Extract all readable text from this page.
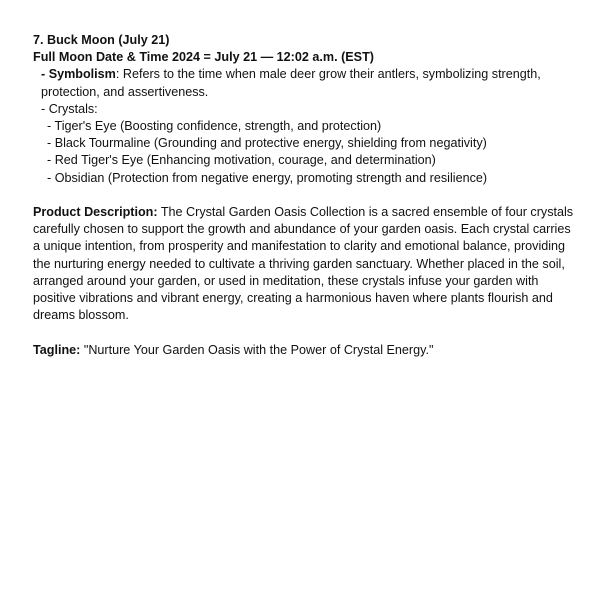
7. Buck Moon (July 21)
Full Moon Date & Time 2024 = July 21 — 12:02 a.m. (EST)
- Symbolism: Refers to the time when male deer grow their antlers, symbolizing strength, protection, and assertiveness.
- Crystals:
- Tiger's Eye (Boosting confidence, strength, and protection)
- Black Tourmaline (Grounding and protective energy, shielding from negativity)
- Red Tiger's Eye (Enhancing motivation, courage, and determination)
- Obsidian (Protection from negative energy, promoting strength and resilience)
Product Description: The Crystal Garden Oasis Collection is a sacred ensemble of four crystals carefully chosen to support the growth and abundance of your garden oasis. Each crystal carries a unique intention, from prosperity and manifestation to clarity and emotional balance, providing the nurturing energy needed to cultivate a thriving garden sanctuary. Whether placed in the soil, arranged around your garden, or used in meditation, these crystals infuse your garden with positive vibrations and vibrant energy, creating a harmonious haven where plants flourish and dreams blossom.
Tagline: "Nurture Your Garden Oasis with the Power of Crystal Energy."
